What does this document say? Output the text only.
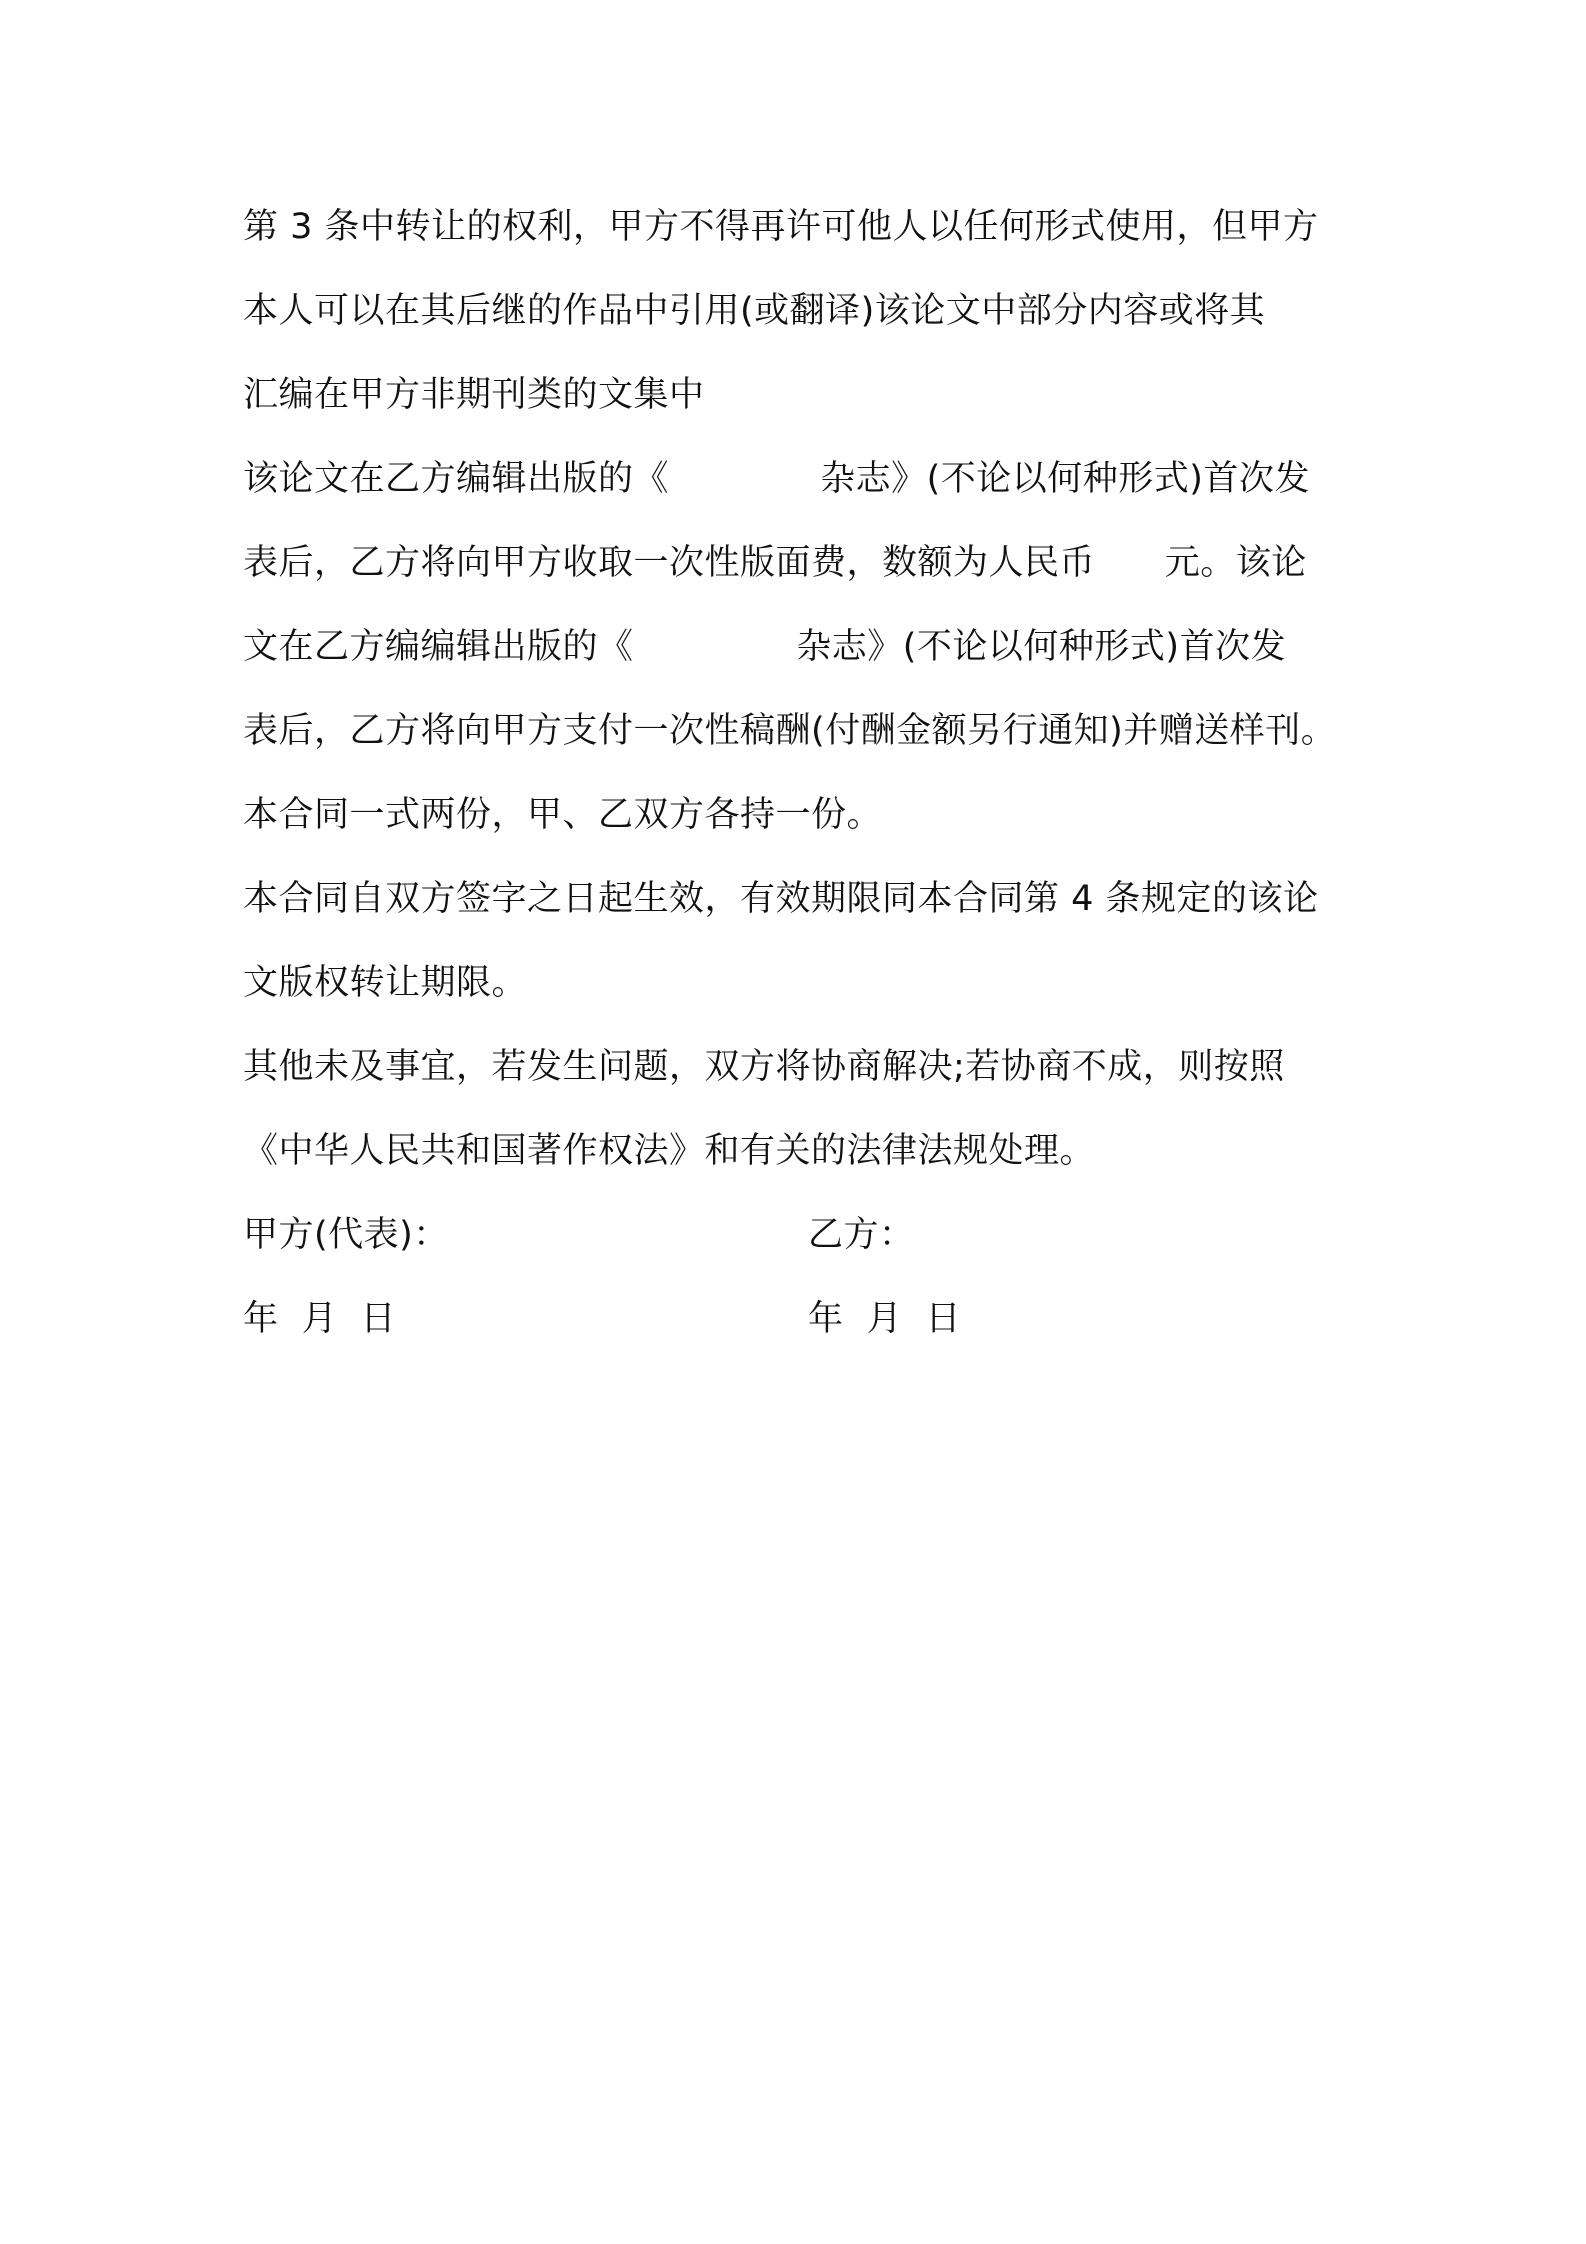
第 3 条中转让的权利，甲方不得再许可他人以任何形式使用，但甲方
本人可以在其后继的作品中引用(或翻译)该论文中部分内容或将其
汇编在甲方非期刊类的文集中
该论文在乙方编辑出版的《             杂志》(不论以何种形式)首次发
表后，乙方将向甲方收取一次性版面费，数额为人民币      元。该论
文在乙方编编辑出版的《              杂志》(不论以何种形式)首次发
表后，乙方将向甲方支付一次性稿酬(付酬金额另行通知)并赠送样刊。
本合同一式两份，甲、乙双方各持一份。
本合同自双方签字之日起生效，有效期限同本合同第 4 条规定的该论
文版权转让期限。
其他未及事宜，若发生问题，双方将协商解决;若协商不成，则按照
《中华人民共和国著作权法》和有关的法律法规处理。
甲方(代表)：	乙方：
年  月  日	年  月  日
